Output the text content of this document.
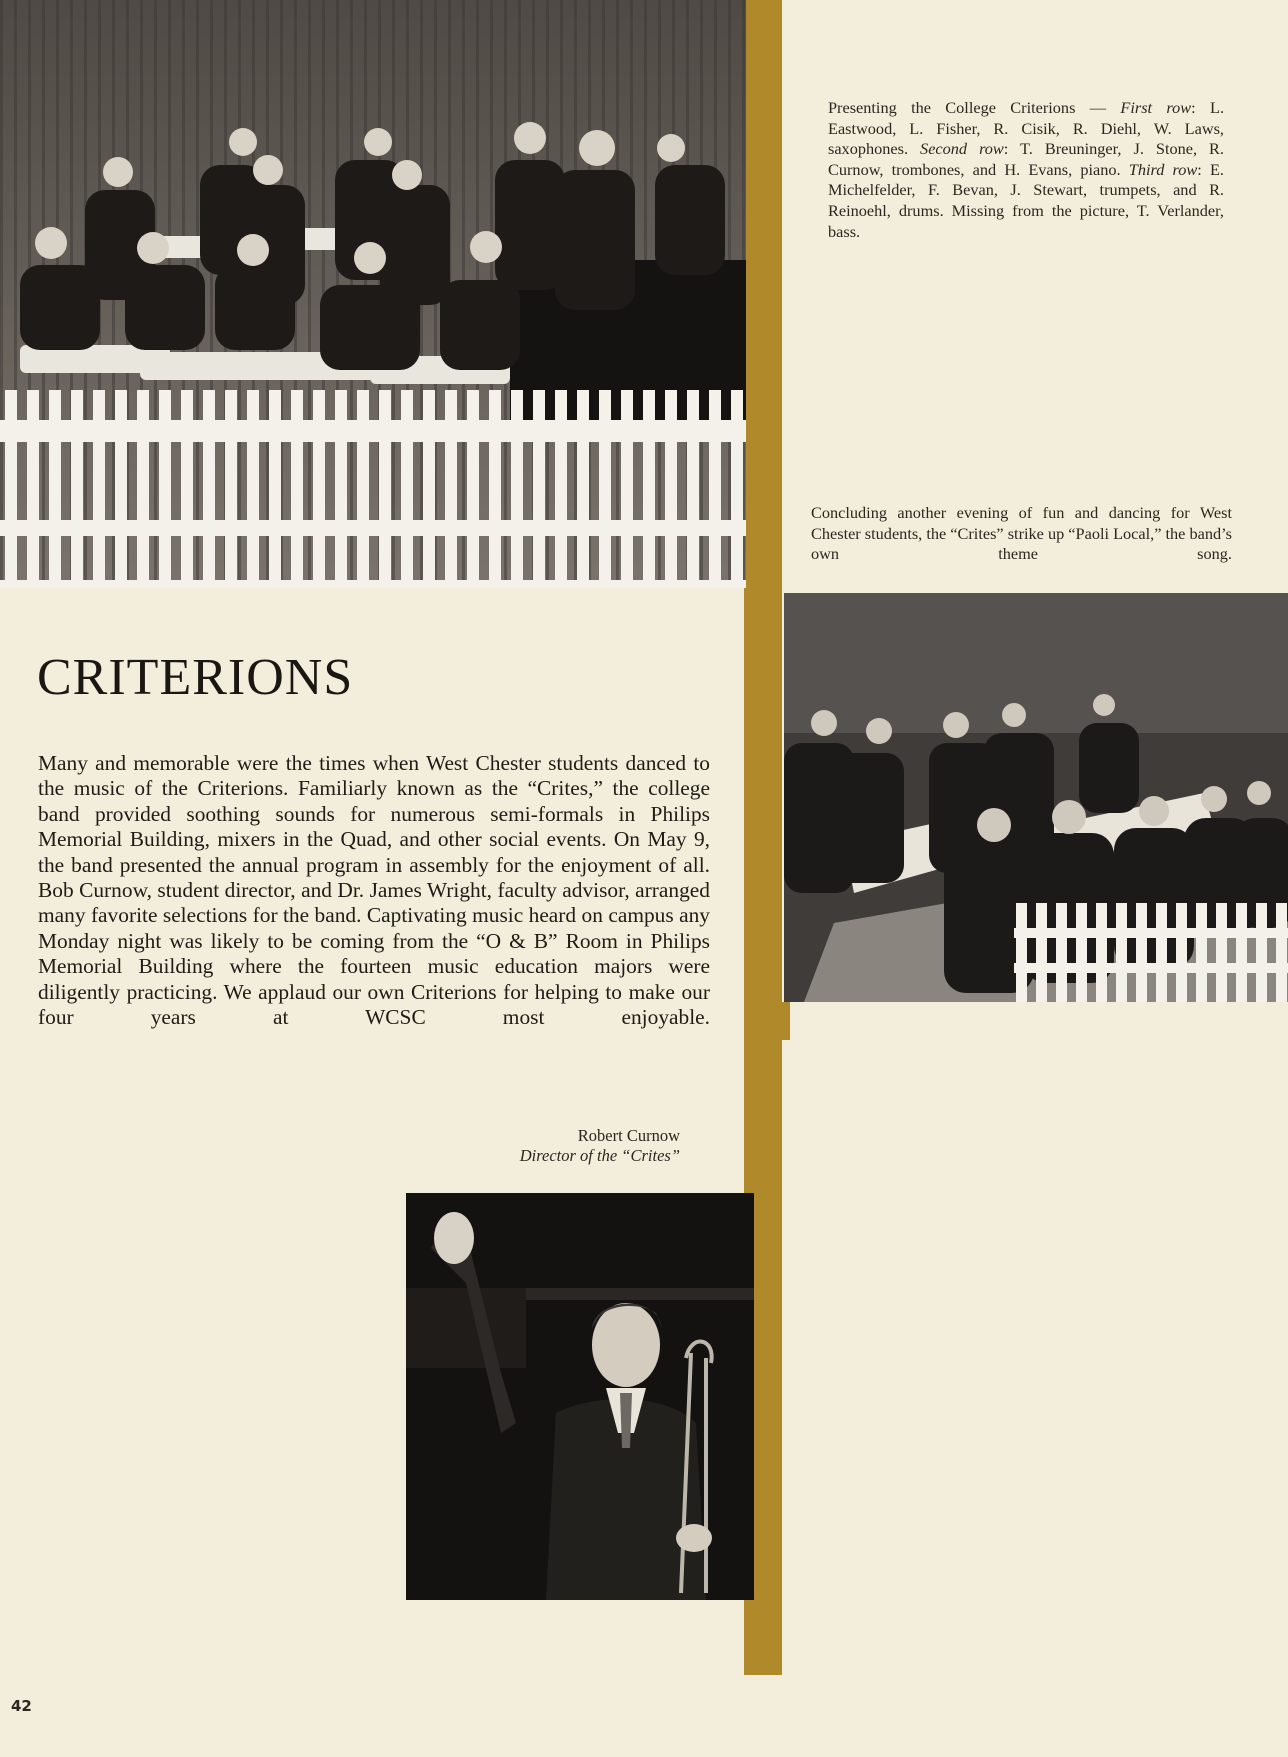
Presenting the College Criterions — First row: L. Eastwood, L. Fisher, R. Cisik, R. Diehl, W. Laws, saxophones. Second row: T. Breuninger, J. Stone, R. Curnow, trombones, and H. Evans, piano. Third row: E. Michelfelder, F. Bevan, J. Stewart, trumpets, and R. Reinoehl, drums. Missing from the picture, T. Verlander, bass.
Concluding another evening of fun and dancing for West Chester students, the “Crites” strike up “Paoli Local,” the band’s own theme song.
CRITERIONS
Many and memorable were the times when West Chester students danced to the music of the Criterions. Familiarly known as the “Crites,” the college band provided soothing sounds for numerous semi-formals in Philips Memorial Building, mixers in the Quad, and other social events. On May 9, the band presented the annual program in assembly for the enjoyment of all. Bob Curnow, student director, and Dr. James Wright, faculty advisor, arranged many favorite selections for the band. Captivating music heard on campus any Monday night was likely to be coming from the “O & B” Room in Philips Memorial Building where the fourteen music education majors were diligently practicing. We applaud our own Criterions for helping to make our four years at WCSC most enjoyable.
Robert Curnow
Director of the “Crites”
42
